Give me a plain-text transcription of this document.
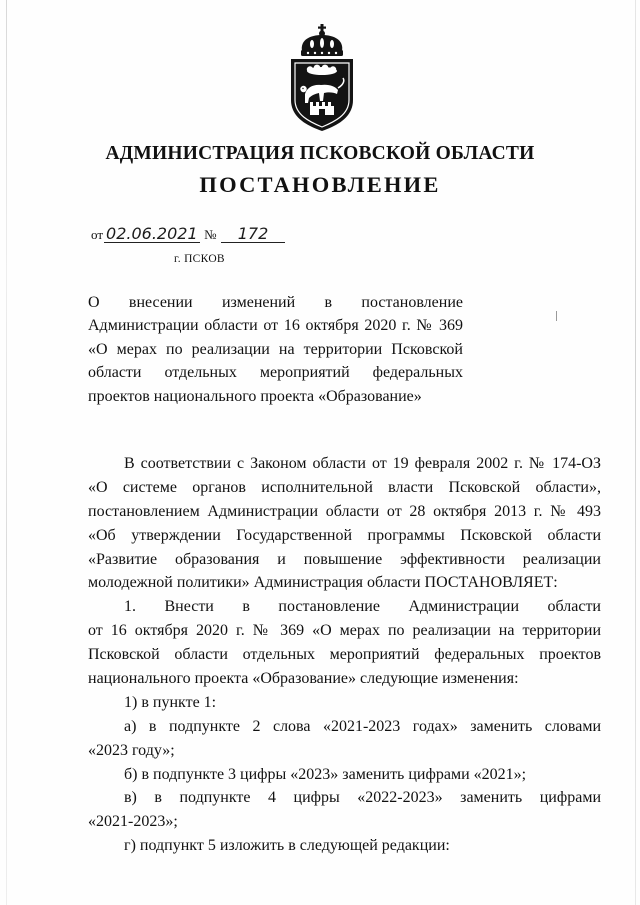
АДМИНИСТРАЦИЯ ПСКОВСКОЙ ОБЛАСТИ
ПОСТАНОВЛЕНИЕ
от 02.06.2021 № 172
г. ПСКОВ
О внесении изменений в постановление
Администрации области от 16 октября 2020 г. № 369
«О мерах по реализации на территории Псковской
области отдельных мероприятий федеральных
проектов национального проекта «Образование»
В соответствии с Законом области от 19 февраля 2002 г. № 174-ОЗ
«О системе органов исполнительной власти Псковской области»,
постановлением Администрации области от 28 октября 2013 г. № 493
«Об утверждении Государственной программы Псковской области
«Развитие образования и повышение эффективности реализации
молодежной политики» Администрация области ПОСТАНОВЛЯЕТ:
1. Внести в постановление Администрации области
от 16 октября 2020 г. № 369 «О мерах по реализации на территории
Псковской области отдельных мероприятий федеральных проектов
национального проекта «Образование» следующие изменения:
1) в пункте 1:
а) в подпункте 2 слова «2021-2023 годах» заменить словами
«2023 году»;
б) в подпункте 3 цифры «2023» заменить цифрами «2021»;
в) в подпункте 4 цифры «2022-2023» заменить цифрами
«2021-2023»;
г) подпункт 5 изложить в следующей редакции:
